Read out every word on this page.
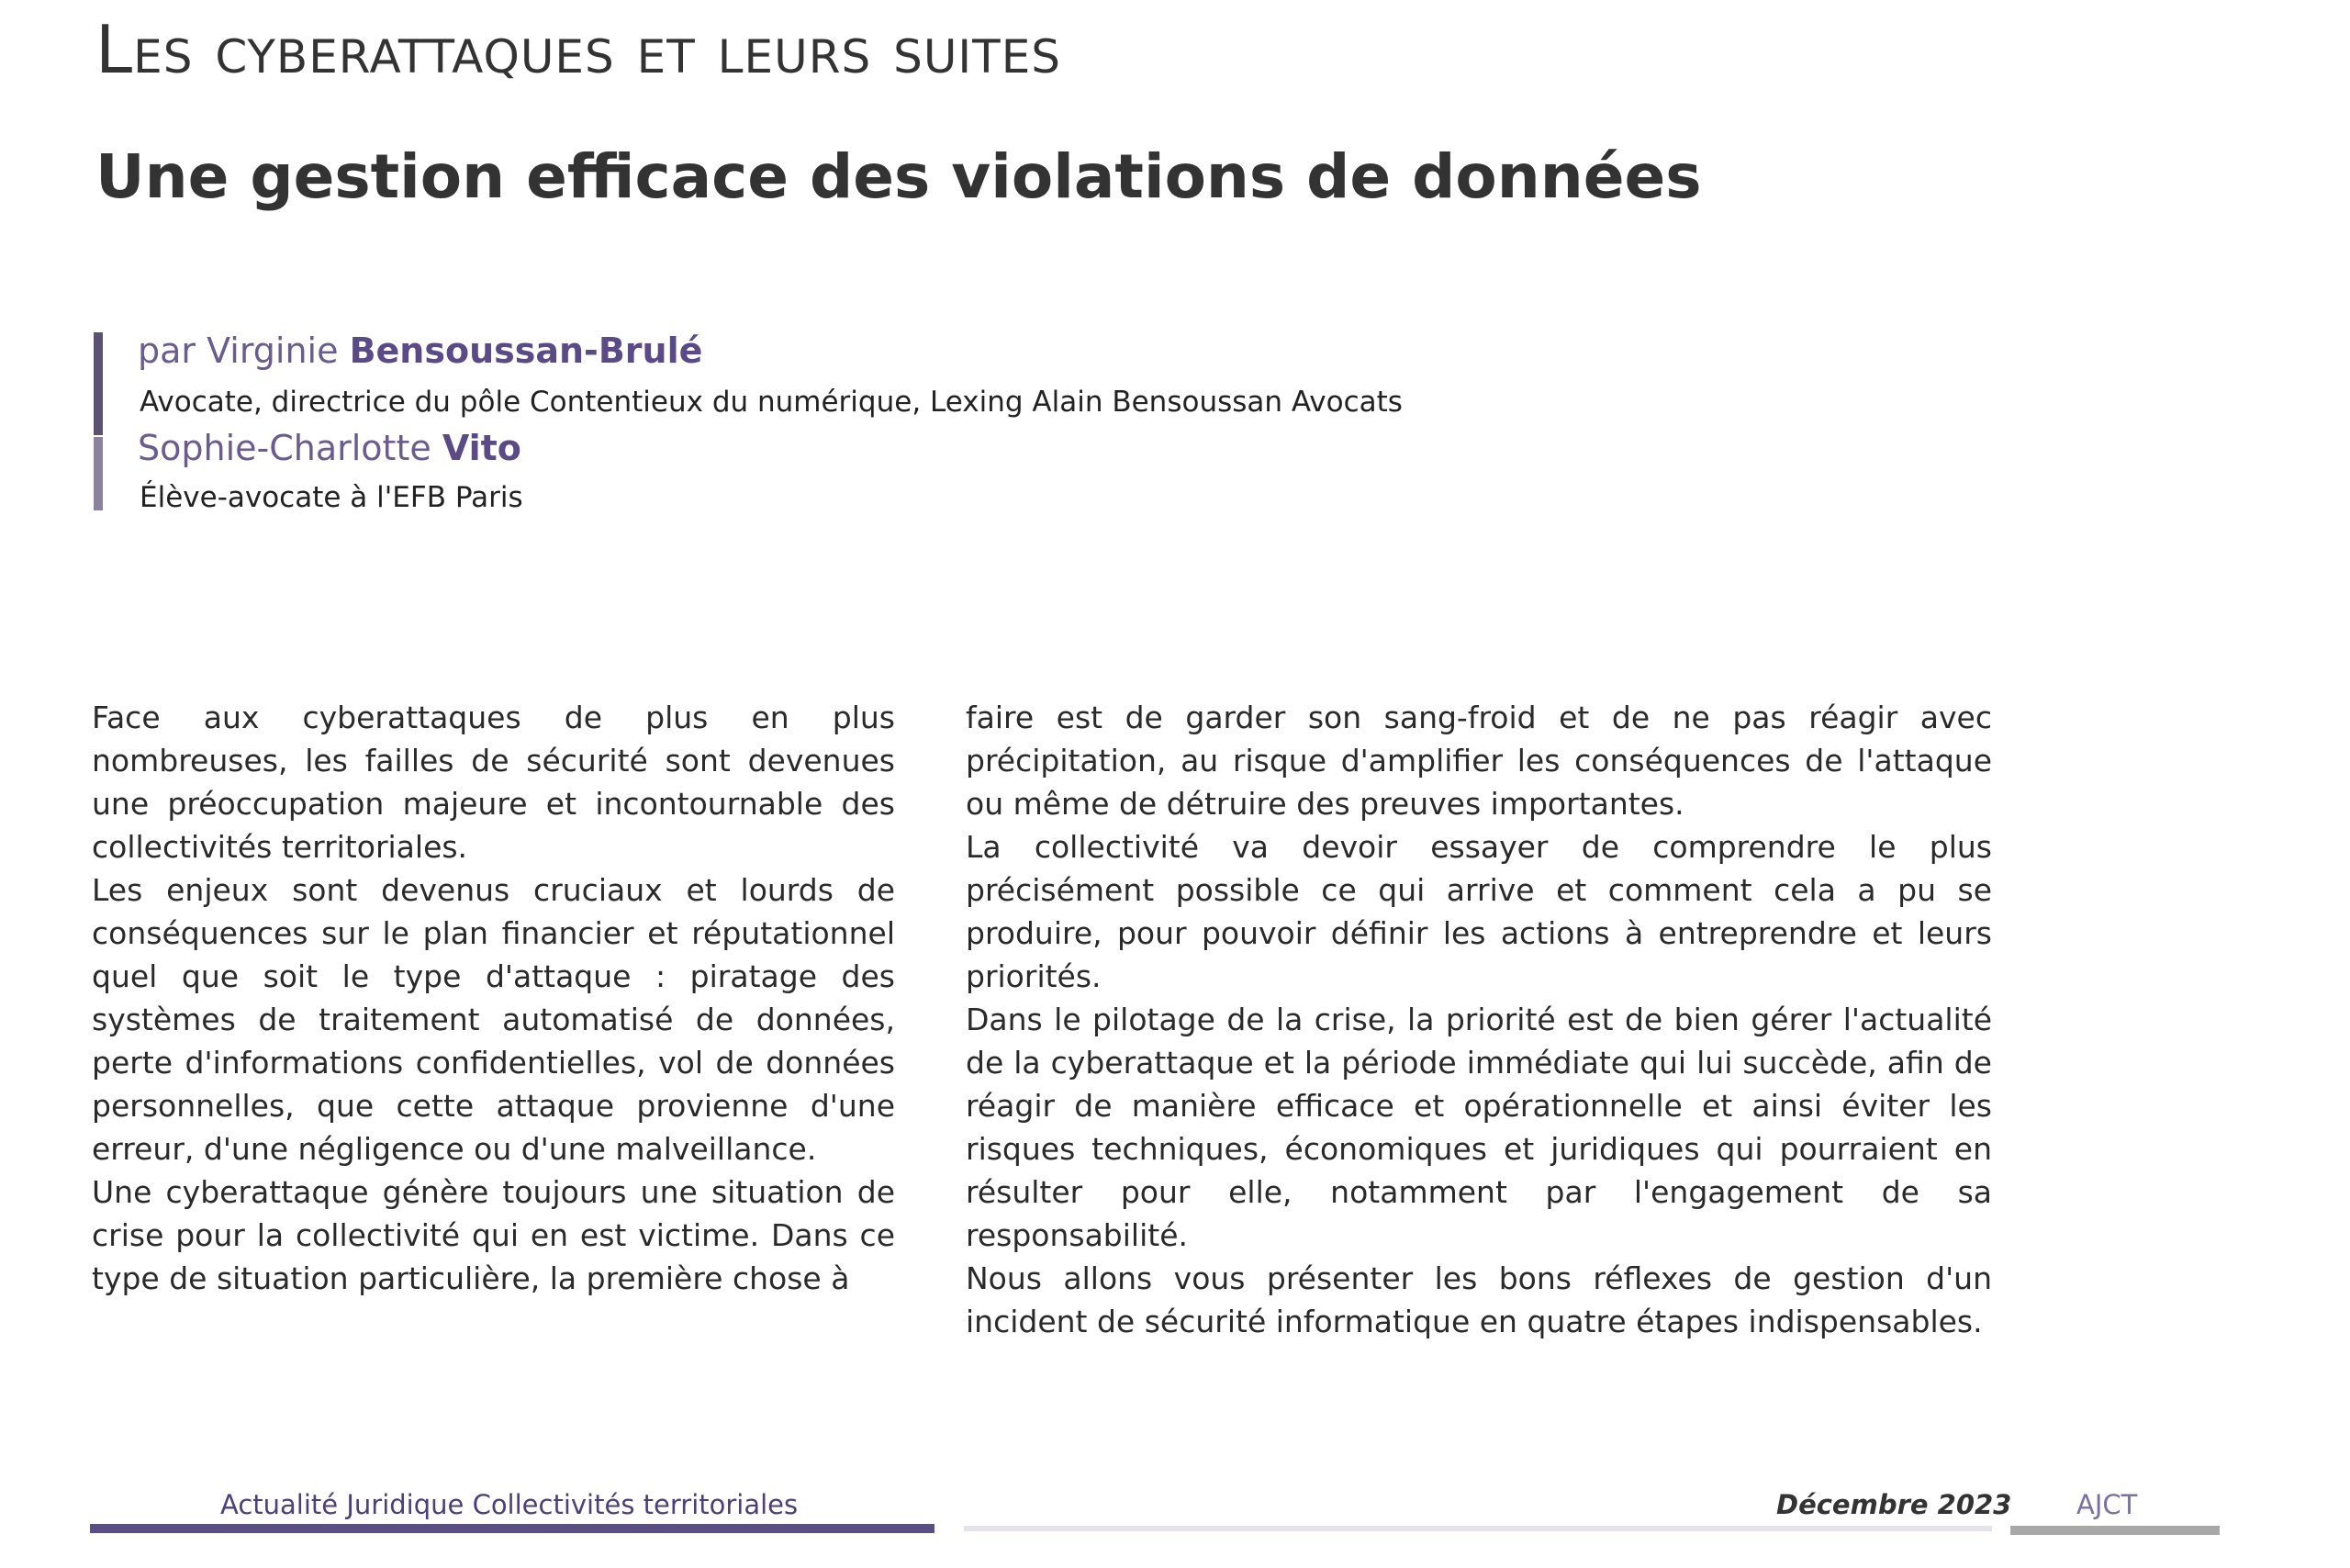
Les cyberattaques et leurs suites
Une gestion efficace des violations de données
par Virginie Bensoussan-Brulé
Avocate, directrice du pôle Contentieux du numérique, Lexing Alain Bensoussan Avocats
Sophie-Charlotte Vito
Élève-avocate à l'EFB Paris

Face aux cyberattaques de plus en plus nombreuses, les failles de sécurité sont devenues une préoccupation majeure et incontournable des collectivités territoriales.

Les enjeux sont devenus cruciaux et lourds de conséquences sur le plan financier et réputationnel quel que soit le type d'attaque : piratage des systèmes de traitement automatisé de données, perte d'informations confidentielles, vol de données personnelles, que cette attaque provienne d'une erreur, d'une négligence ou d'une malveillance.

Une cyberattaque génère toujours une situation de crise pour la collectivité qui en est victime. Dans ce type de situation particulière, la première chose à

faire est de garder son sang-froid et de ne pas réagir avec précipitation, au risque d'amplifier les conséquences de l'attaque ou même de détruire des preuves importantes.

La collectivité va devoir essayer de comprendre le plus précisément possible ce qui arrive et comment cela a pu se produire, pour pouvoir définir les actions à entreprendre et leurs priorités.

Dans le pilotage de la crise, la priorité est de bien gérer l'actualité de la cyberattaque et la période immédiate qui lui succède, afin de réagir de manière efficace et opérationnelle et ainsi éviter les risques techniques, économiques et juridiques qui pourraient en résulter pour elle, notamment par l'engagement de sa responsabilité.

Nous allons vous présenter les bons réflexes de gestion d'un incident de sécurité informatique en quatre étapes indispensables.

Actualité Juridique Collectivités territoriales	Décembre 2023 AJCT
